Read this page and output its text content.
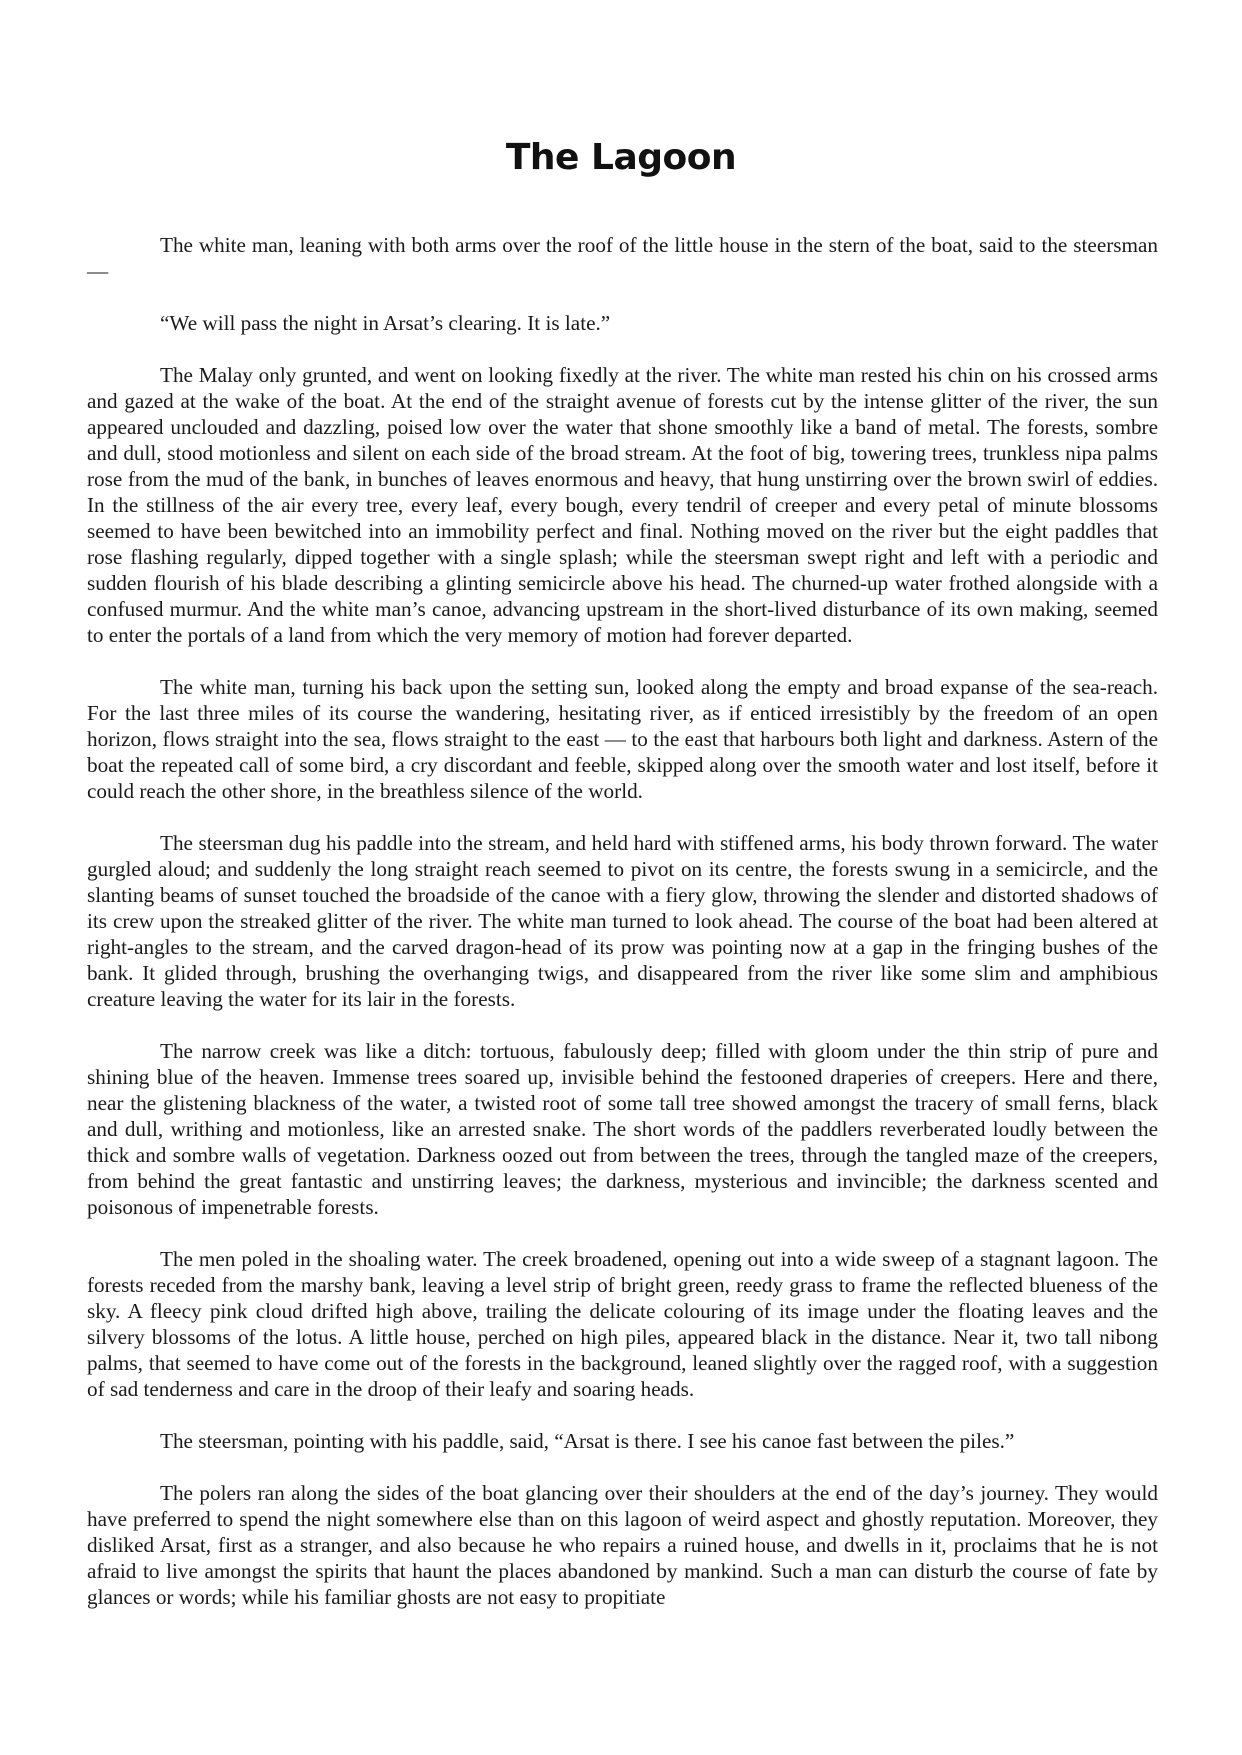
The Lagoon

The white man, leaning with both arms over the roof of the little house in the stern of the boat, said to the steersman —

“We will pass the night in Arsat’s clearing. It is late.”

The Malay only grunted, and went on looking fixedly at the river. The white man rested his chin on his crossed arms and gazed at the wake of the boat. At the end of the straight avenue of forests cut by the intense glitter of the river, the sun appeared unclouded and dazzling, poised low over the water that shone smoothly like a band of metal. The forests, sombre and dull, stood motionless and silent on each side of the broad stream. At the foot of big, towering trees, trunkless nipa palms rose from the mud of the bank, in bunches of leaves enormous and heavy, that hung unstirring over the brown swirl of eddies. In the stillness of the air every tree, every leaf, every bough, every tendril of creeper and every petal of minute blossoms seemed to have been bewitched into an immobility perfect and final. Nothing moved on the river but the eight paddles that rose flashing regularly, dipped together with a single splash; while the steersman swept right and left with a periodic and sudden flourish of his blade describing a glinting semicircle above his head. The churned-up water frothed alongside with a confused murmur. And the white man’s canoe, advancing upstream in the short-lived disturbance of its own making, seemed to enter the portals of a land from which the very memory of motion had forever departed.

The white man, turning his back upon the setting sun, looked along the empty and broad expanse of the sea-reach. For the last three miles of its course the wandering, hesitating river, as if enticed irresistibly by the freedom of an open horizon, flows straight into the sea, flows straight to the east — to the east that harbours both light and darkness. Astern of the boat the repeated call of some bird, a cry discordant and feeble, skipped along over the smooth water and lost itself, before it could reach the other shore, in the breathless silence of the world.

The steersman dug his paddle into the stream, and held hard with stiffened arms, his body thrown forward. The water gurgled aloud; and suddenly the long straight reach seemed to pivot on its centre, the forests swung in a semicircle, and the slanting beams of sunset touched the broadside of the canoe with a fiery glow, throwing the slender and distorted shadows of its crew upon the streaked glitter of the river. The white man turned to look ahead. The course of the boat had been altered at right-angles to the stream, and the carved dragon-head of its prow was pointing now at a gap in the fringing bushes of the bank. It glided through, brushing the overhanging twigs, and disappeared from the river like some slim and amphibious creature leaving the water for its lair in the forests.

The narrow creek was like a ditch: tortuous, fabulously deep; filled with gloom under the thin strip of pure and shining blue of the heaven. Immense trees soared up, invisible behind the festooned draperies of creepers. Here and there, near the glistening blackness of the water, a twisted root of some tall tree showed amongst the tracery of small ferns, black and dull, writhing and motionless, like an arrested snake. The short words of the paddlers reverberated loudly between the thick and sombre walls of vegetation. Darkness oozed out from between the trees, through the tangled maze of the creepers, from behind the great fantastic and unstirring leaves; the darkness, mysterious and invincible; the darkness scented and poisonous of impenetrable forests.

The men poled in the shoaling water. The creek broadened, opening out into a wide sweep of a stagnant lagoon. The forests receded from the marshy bank, leaving a level strip of bright green, reedy grass to frame the reflected blueness of the sky. A fleecy pink cloud drifted high above, trailing the delicate colouring of its image under the floating leaves and the silvery blossoms of the lotus. A little house, perched on high piles, appeared black in the distance. Near it, two tall nibong palms, that seemed to have come out of the forests in the background, leaned slightly over the ragged roof, with a suggestion of sad tenderness and care in the droop of their leafy and soaring heads.

The steersman, pointing with his paddle, said, “Arsat is there. I see his canoe fast between the piles.”

The polers ran along the sides of the boat glancing over their shoulders at the end of the day’s journey. They would have preferred to spend the night somewhere else than on this lagoon of weird aspect and ghostly reputation. Moreover, they disliked Arsat, first as a stranger, and also because he who repairs a ruined house, and dwells in it, proclaims that he is not afraid to live amongst the spirits that haunt the places abandoned by mankind. Such a man can disturb the course of fate by glances or words; while his familiar ghosts are not easy to propitiate
